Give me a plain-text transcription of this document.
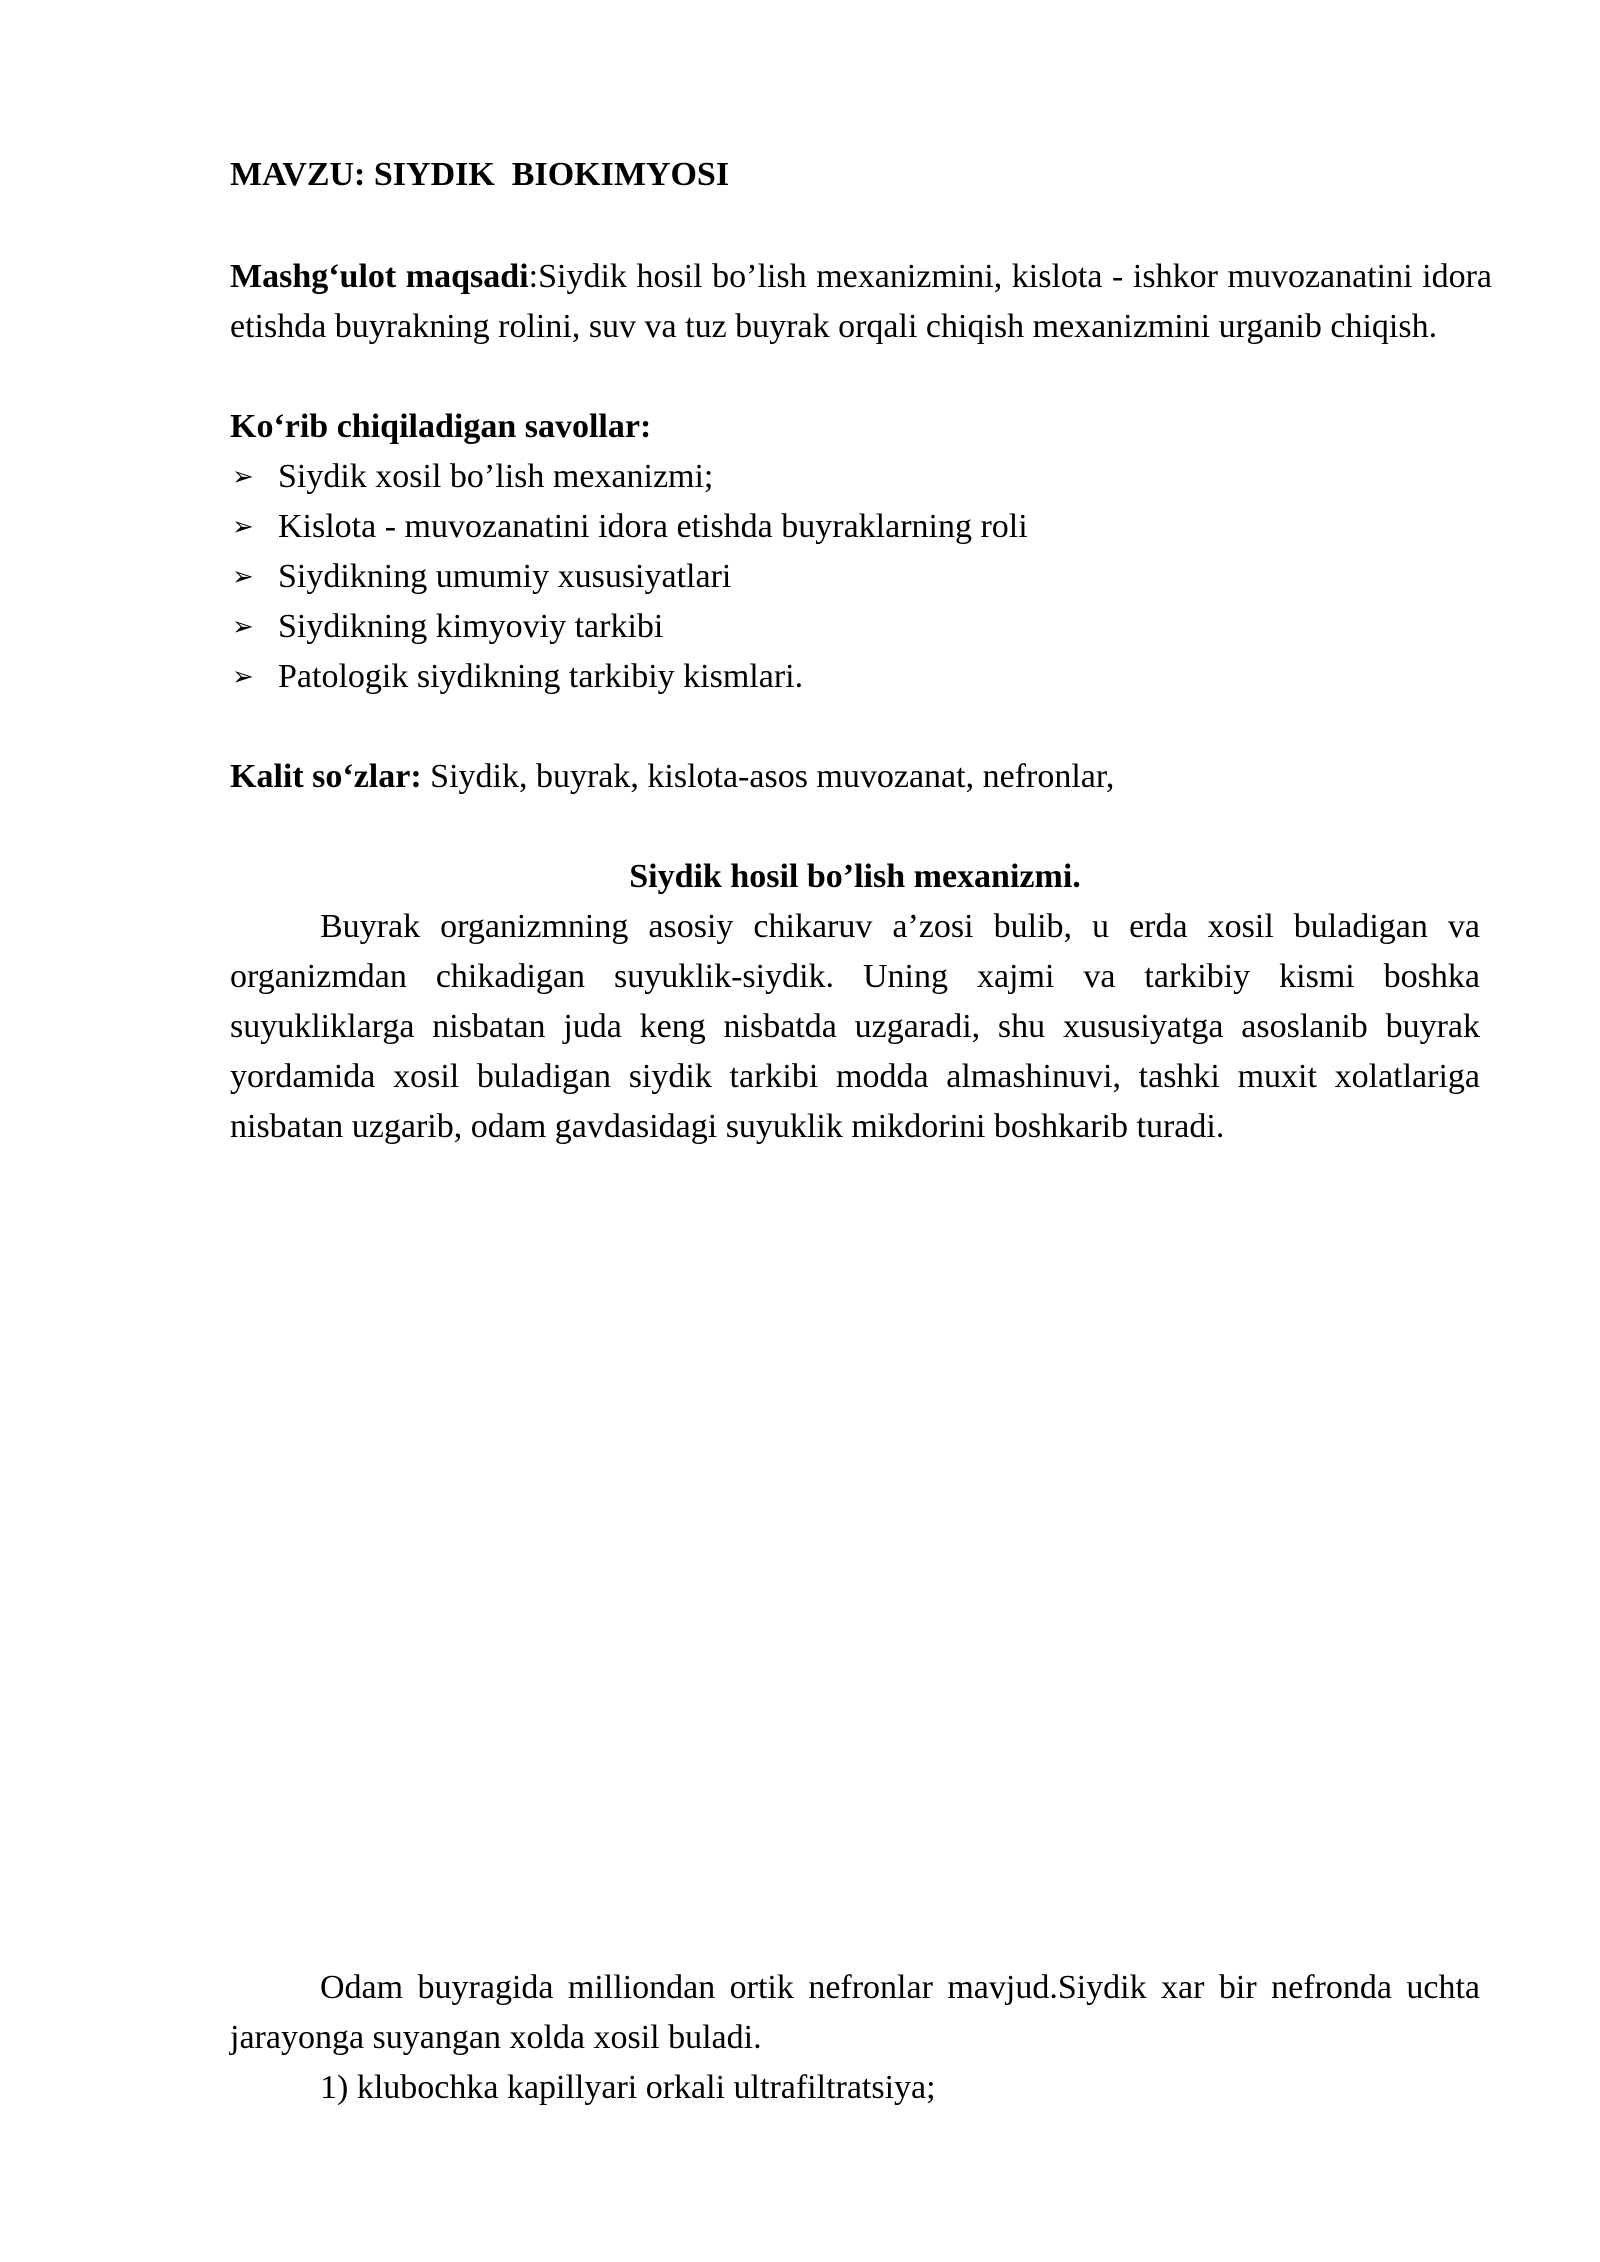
MAVZU: SIYDIK  BIOKIMYOSI
Mashg‘ulot maqsadi:Siydik hosil bo’lish mexanizmini, kislota - ishkor muvozanatini idora etishda buyrakning rolini, suv va tuz buyrak orqali chiqish mexanizmini urganib chiqish.
Ko‘rib chiqiladigan savollar:
➢ Siydik xosil bo’lish mexanizmi;
➢ Kislota - muvozanatini idora etishda buyraklarning roli
➢ Siydikning umumiy xususiyatlari
➢ Siydikning kimyoviy tarkibi
➢ Patologik siydikning tarkibiy kismlari.
Kalit so‘zlar: Siydik, buyrak, kislota-asos muvozanat, nefronlar,
Siydik hosil bo’lish mexanizmi.
Buyrak organizmning asosiy chikaruv a’zosi bulib, u erda xosil buladigan va organizmdan chikadigan suyuklik-siydik. Uning xajmi va tarkibiy kismi boshka suyukliklarga nisbatan juda keng nisbatda uzgaradi, shu xususiyatga asoslanib buyrak yordamida xosil buladigan siydik tarkibi modda almashinuvi, tashki muxit xolatlariga nisbatan uzgarib, odam gavdasidagi suyuklik mikdorini boshkarib turadi.
Odam buyragida milliondan ortik nefronlar mavjud.Siydik xar bir nefronda uchta jarayonga suyangan xolda xosil buladi.
1) klubochka kapillyari orkali ultrafiltratsiya;
